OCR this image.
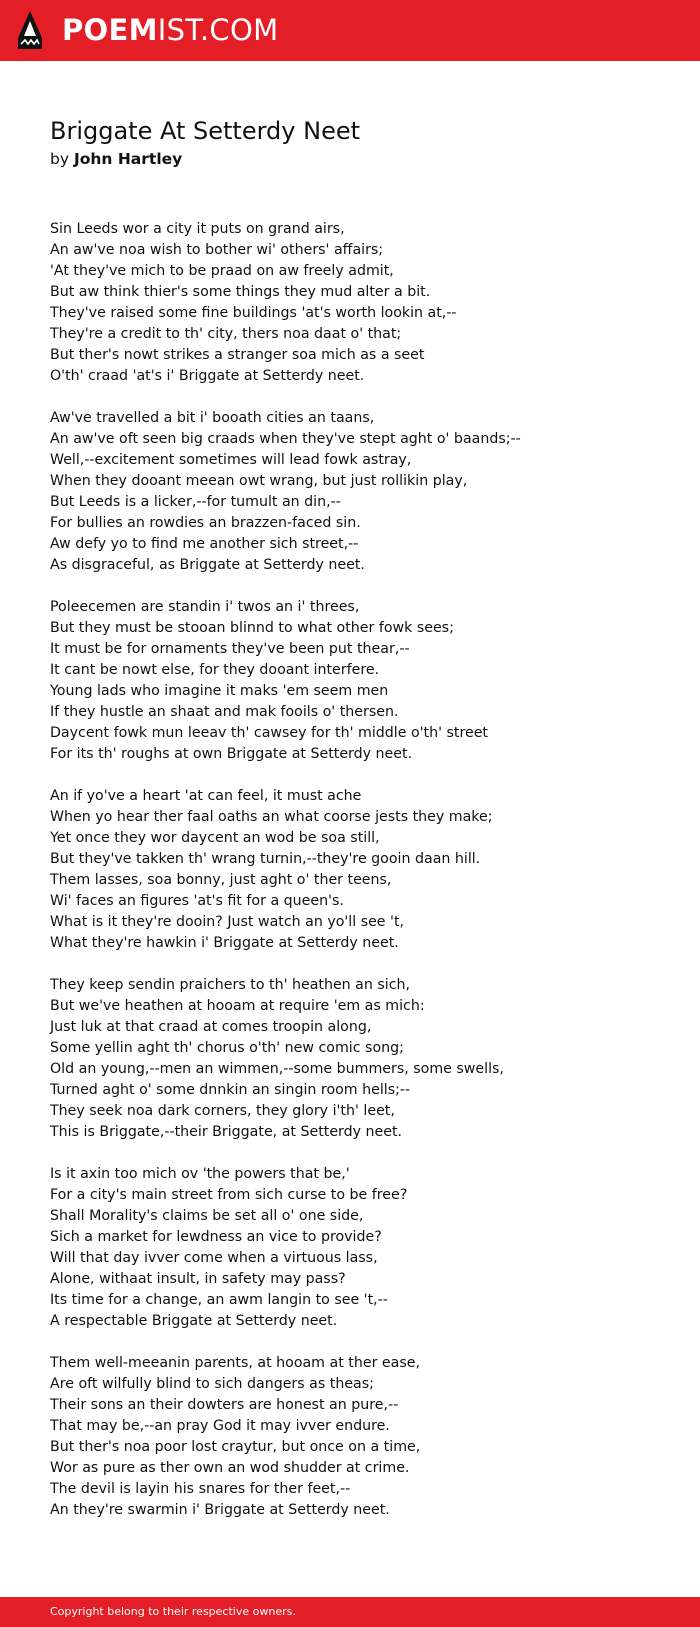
POEMIST.COM
Briggate At Setterdy Neet
by John Hartley
Sin Leeds wor a city it puts on grand airs,
An aw've noa wish to bother wi' others' affairs;
'At they've mich to be praad on aw freely admit,
But aw think thier's some things they mud alter a bit.
They've raised some fine buildings 'at's worth lookin at,--
They're a credit to th' city, thers noa daat o' that;
But ther's nowt strikes a stranger soa mich as a seet
O'th' craad 'at's i' Briggate at Setterdy neet.
Aw've travelled a bit i' booath cities an taans,
An aw've oft seen big craads when they've stept aght o' baands;--
Well,--excitement sometimes will lead fowk astray,
When they dooant meean owt wrang, but just rollikin play,
But Leeds is a licker,--for tumult an din,--
For bullies an rowdies an brazzen-faced sin.
Aw defy yo to find me another sich street,--
As disgraceful, as Briggate at Setterdy neet.
Poleecemen are standin i' twos an i' threes,
But they must be stooan blinnd to what other fowk sees;
It must be for ornaments they've been put thear,--
It cant be nowt else, for they dooant interfere.
Young lads who imagine it maks 'em seem men
If they hustle an shaat and mak fooils o' thersen.
Daycent fowk mun leeav th' cawsey for th' middle o'th' street
For its th' roughs at own Briggate at Setterdy neet.
An if yo've a heart 'at can feel, it must ache
When yo hear ther faal oaths an what coorse jests they make;
Yet once they wor daycent an wod be soa still,
But they've takken th' wrang turnin,--they're gooin daan hill.
Them lasses, soa bonny, just aght o' ther teens,
Wi' faces an figures 'at's fit for a queen's.
What is it they're dooin? Just watch an yo'll see 't,
What they're hawkin i' Briggate at Setterdy neet.
They keep sendin praichers to th' heathen an sich,
But we've heathen at hooam at require 'em as mich:
Just luk at that craad at comes troopin along,
Some yellin aght th' chorus o'th' new comic song;
Old an young,--men an wimmen,--some bummers, some swells,
Turned aght o' some dnnkin an singin room hells;--
They seek noa dark corners, they glory i'th' leet,
This is Briggate,--their Briggate, at Setterdy neet.
Is it axin too mich ov 'the powers that be,'
For a city's main street from sich curse to be free?
Shall Morality's claims be set all o' one side,
Sich a market for lewdness an vice to provide?
Will that day ivver come when a virtuous lass,
Alone, withaat insult, in safety may pass?
Its time for a change, an awm langin to see 't,--
A respectable Briggate at Setterdy neet.
Them well-meeanin parents, at hooam at ther ease,
Are oft wilfully blind to sich dangers as theas;
Their sons an their dowters are honest an pure,--
That may be,--an pray God it may ivver endure.
But ther's noa poor lost craytur, but once on a time,
Wor as pure as ther own an wod shudder at crime.
The devil is layin his snares for ther feet,--
An they're swarmin i' Briggate at Setterdy neet.
Copyright belong to their respective owners.
